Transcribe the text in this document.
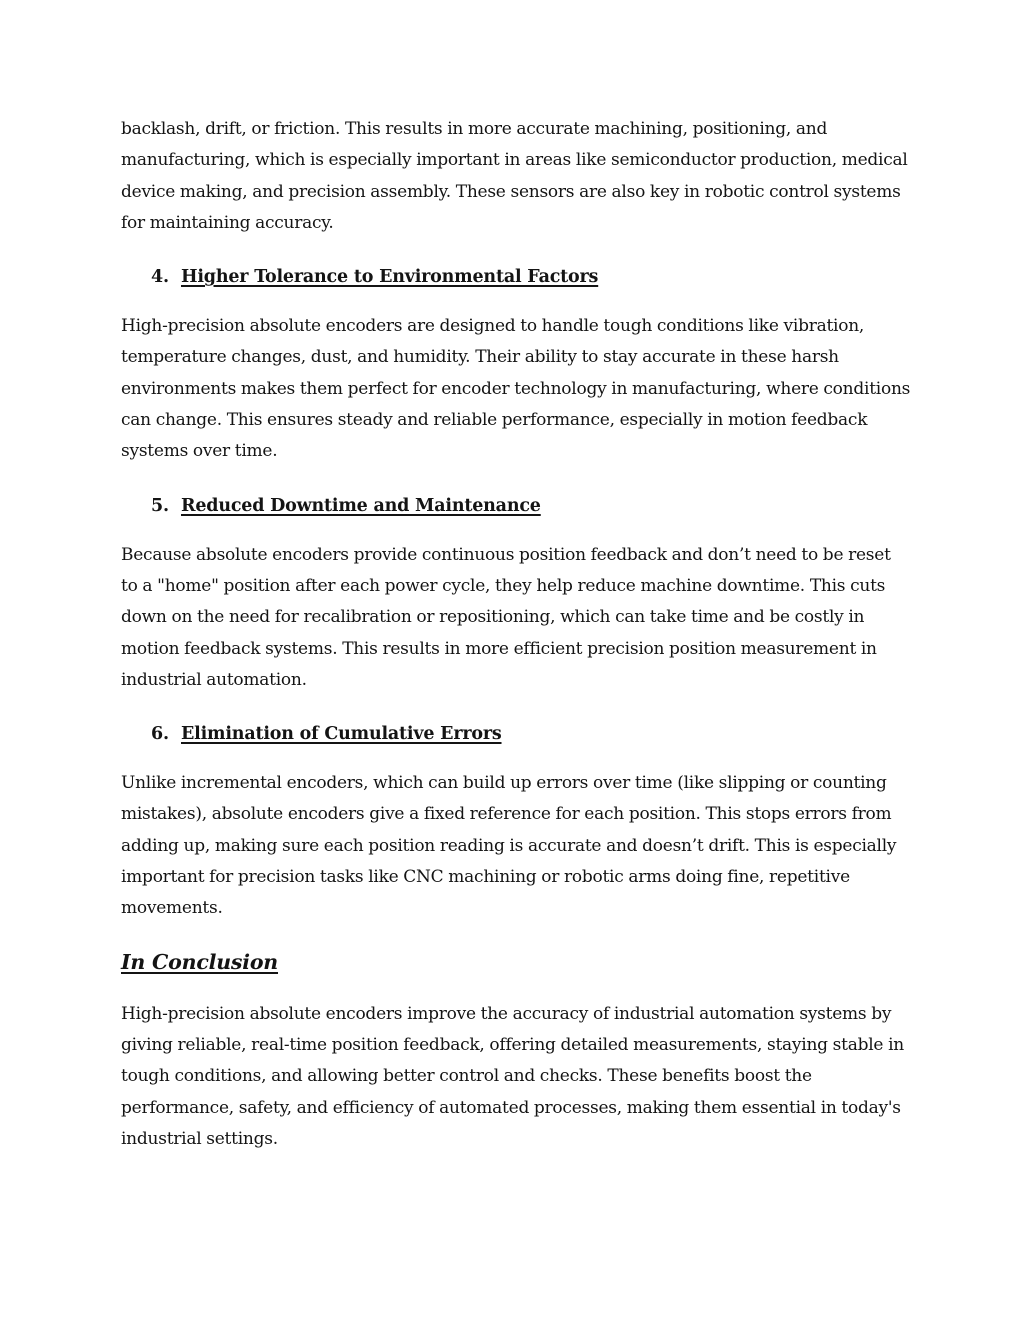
backlash, drift, or friction. This results in more accurate machining, positioning, and manufacturing, which is especially important in areas like semiconductor production, medical device making, and precision assembly. These sensors are also key in robotic control systems for maintaining accuracy.

4. Higher Tolerance to Environmental Factors

High-precision absolute encoders are designed to handle tough conditions like vibration, temperature changes, dust, and humidity. Their ability to stay accurate in these harsh environments makes them perfect for encoder technology in manufacturing, where conditions can change. This ensures steady and reliable performance, especially in motion feedback systems over time.

5. Reduced Downtime and Maintenance

Because absolute encoders provide continuous position feedback and don’t need to be reset to a "home" position after each power cycle, they help reduce machine downtime. This cuts down on the need for recalibration or repositioning, which can take time and be costly in motion feedback systems. This results in more efficient precision position measurement in industrial automation.

6. Elimination of Cumulative Errors

Unlike incremental encoders, which can build up errors over time (like slipping or counting mistakes), absolute encoders give a fixed reference for each position. This stops errors from adding up, making sure each position reading is accurate and doesn’t drift. This is especially important for precision tasks like CNC machining or robotic arms doing fine, repetitive movements.

In Conclusion

High-precision absolute encoders improve the accuracy of industrial automation systems by giving reliable, real-time position feedback, offering detailed measurements, staying stable in tough conditions, and allowing better control and checks. These benefits boost the performance, safety, and efficiency of automated processes, making them essential in today's industrial settings.
